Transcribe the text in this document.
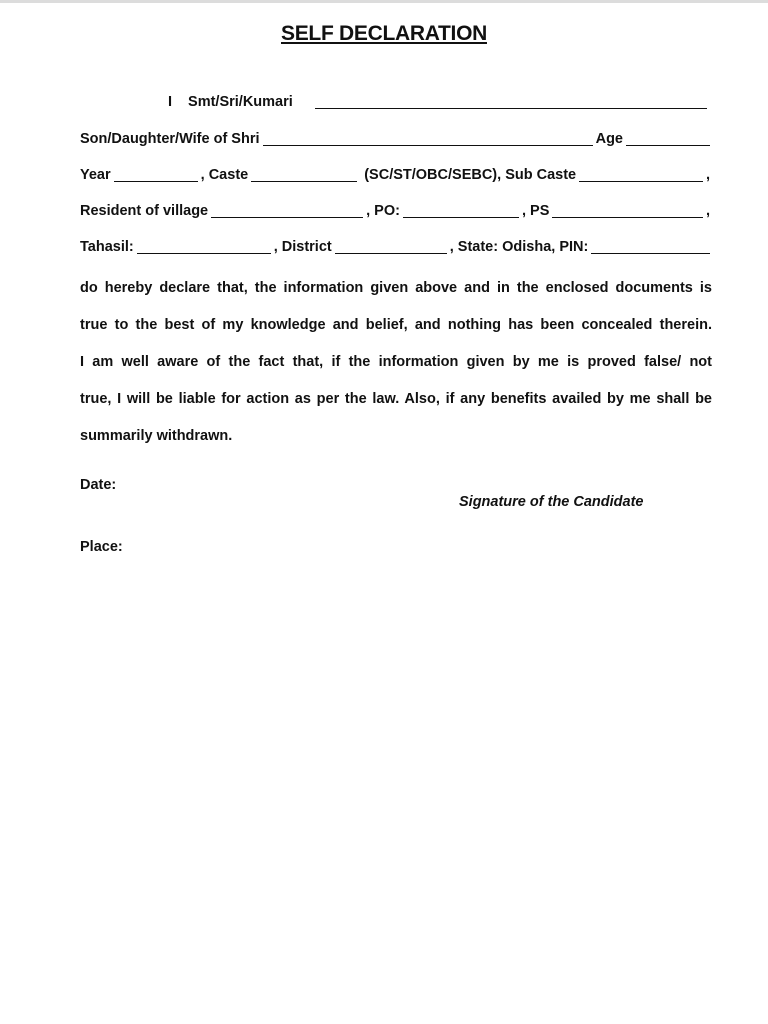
SELF DECLARATION
I Smt/Sri/Kumari
Son/Daughter/Wife of Shri	Age
Year	, Caste	(SC/ST/OBC/SEBC), Sub Caste	,
Resident of village	, PO:	, PS	,
Tahasil:	, District	, State: Odisha, PIN:
do hereby declare that, the information given above and in the enclosed documents is
true to the best of my knowledge and belief, and nothing has been concealed therein.
I am well aware of the fact that, if the information given by me is proved false/ not
true, I will be liable for action as per the law. Also, if any benefits availed by me shall be
summarily withdrawn.
Date:
Signature of the Candidate
Place:
